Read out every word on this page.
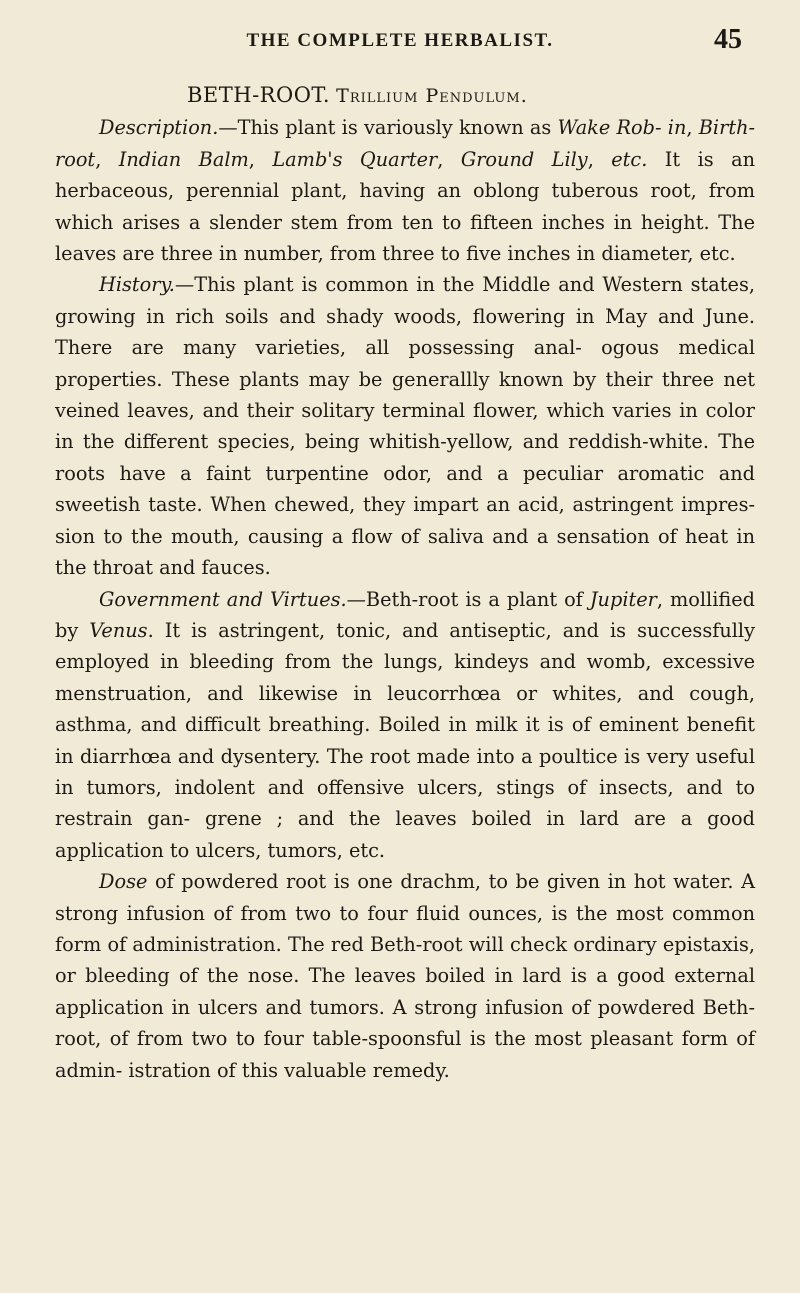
THE COMPLETE HERBALIST.	45

BETH-ROOT. Trillium Pendulum.

Description.—This plant is variously known as Wake Rob- in, Birth-root, Indian Balm, Lamb's Quarter, Ground Lily, etc. It is an herbaceous, perennial plant, having an oblong tuberous root, from which arises a slender stem from ten to fifteen inches in height. The leaves are three in number, from three to five inches in diameter, etc.

History.—This plant is common in the Middle and Western states, growing in rich soils and shady woods, flowering in May and June. There are many varieties, all possessing anal- ogous medical properties. These plants may be generallly known by their three net veined leaves, and their solitary terminal flower, which varies in color in the different species, being whitish-yellow, and reddish-white. The roots have a faint turpentine odor, and a peculiar aromatic and sweetish taste. When chewed, they impart an acid, astringent impres- sion to the mouth, causing a flow of saliva and a sensation of heat in the throat and fauces.

Government and Virtues.—Beth-root is a plant of Jupiter, mollified by Venus. It is astringent, tonic, and antiseptic, and is successfully employed in bleeding from the lungs, kindeys and womb, excessive menstruation, and likewise in leucorrhœa or whites, and cough, asthma, and difficult breathing. Boiled in milk it is of eminent benefit in diarrhœa and dysentery. The root made into a poultice is very useful in tumors, indolent and offensive ulcers, stings of insects, and to restrain gan- grene ; and the leaves boiled in lard are a good application to ulcers, tumors, etc.

Dose of powdered root is one drachm, to be given in hot water. A strong infusion of from two to four fluid ounces, is the most common form of administration. The red Beth-root will check ordinary epistaxis, or bleeding of the nose. The leaves boiled in lard is a good external application in ulcers and tumors. A strong infusion of powdered Beth-root, of from two to four table-spoonsful is the most pleasant form of admin- istration of this valuable remedy.
